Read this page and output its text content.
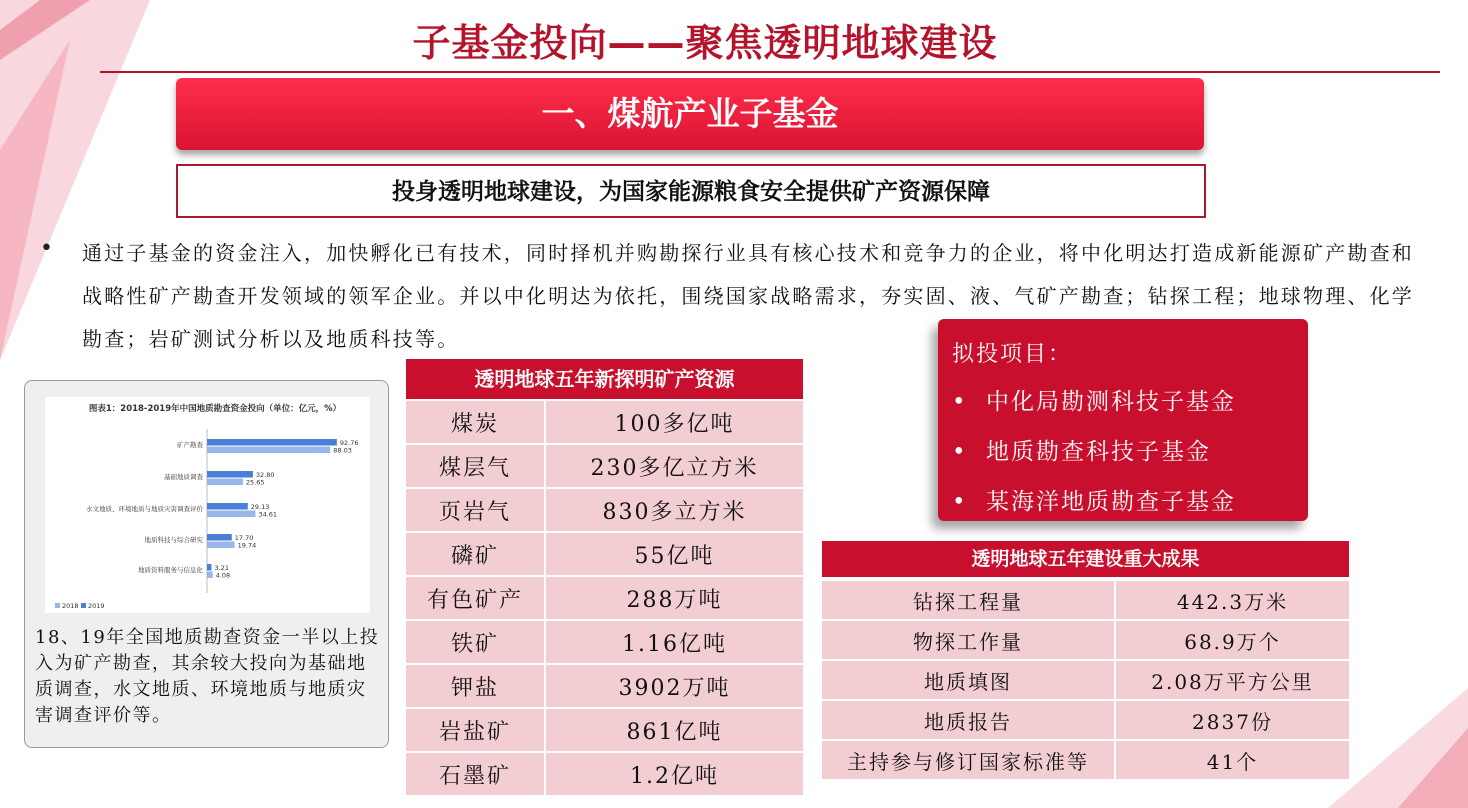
子基金投向——聚焦透明地球建设
一、煤航产业子基金
投身透明地球建设，为国家能源粮食安全提供矿产资源保障
• 通过子基金的资金注入，加快孵化已有技术，同时择机并购勘探行业具有核心技术和竞争力的企业，将中化明达打造成新能源矿产勘查和战略性矿产勘查开发领域的领军企业。并以中化明达为依托，围绕国家战略需求，夯实固、液、气矿产勘查；钻探工程；地球物理、化学勘查；岩矿测试分析以及地质科技等。
图表1：2018-2019年中国地质勘查资金投向（单位：亿元，%）
矿产勘查	92.76
88.03
基础地质调查	32.80
25.65
水文地质、环境地质与地质灾害调查评价	29.13
34.61
地质科技与综合研究	17.70
19.74
地质资料服务与信息化 3.21
4.08
2018 2019
18、19年全国地质勘查资金一半以上投入为矿产勘查，其余较大投向为基础地质调查，水文地质、环境地质与地质灾害调查评价等。
透明地球五年新探明矿产资源
煤炭	100多亿吨
煤层气	230多亿立方米
页岩气	830多立方米
磷矿	55亿吨
有色矿产	288万吨
铁矿	1.16亿吨
钾盐	3902万吨
岩盐矿	861亿吨
石墨矿	1.2亿吨
拟投项目：
• 中化局勘测科技子基金
• 地质勘查科技子基金
• 某海洋地质勘查子基金
透明地球五年建设重大成果
钻探工程量	442.3万米
物探工作量	68.9万个
地质填图	2.08万平方公里
地质报告	2837份
主持参与修订国家标准等	41个
